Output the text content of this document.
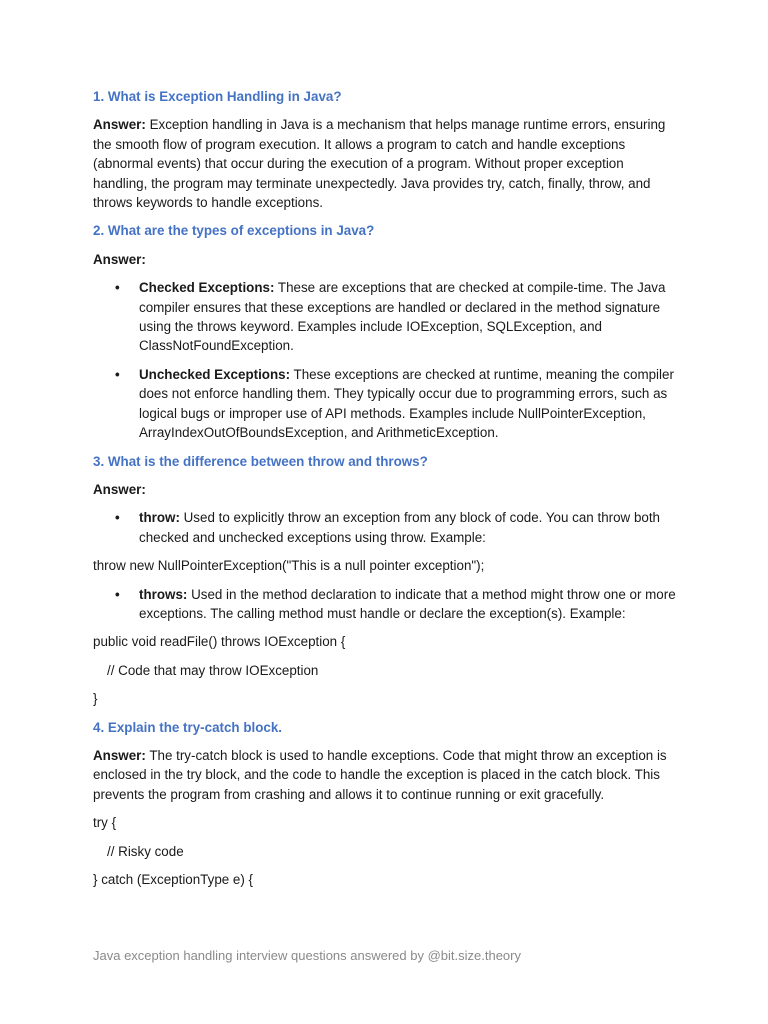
1. What is Exception Handling in Java?
Answer: Exception handling in Java is a mechanism that helps manage runtime errors, ensuring the smooth flow of program execution. It allows a program to catch and handle exceptions (abnormal events) that occur during the execution of a program. Without proper exception handling, the program may terminate unexpectedly. Java provides try, catch, finally, throw, and throws keywords to handle exceptions.
2. What are the types of exceptions in Java?
Answer:
• Checked Exceptions: These are exceptions that are checked at compile-time. The Java compiler ensures that these exceptions are handled or declared in the method signature using the throws keyword. Examples include IOException, SQLException, and ClassNotFoundException.
• Unchecked Exceptions: These exceptions are checked at runtime, meaning the compiler does not enforce handling them. They typically occur due to programming errors, such as logical bugs or improper use of API methods. Examples include NullPointerException, ArrayIndexOutOfBoundsException, and ArithmeticException.
3. What is the difference between throw and throws?
Answer:
• throw: Used to explicitly throw an exception from any block of code. You can throw both checked and unchecked exceptions using throw. Example:
throw new NullPointerException("This is a null pointer exception");
• throws: Used in the method declaration to indicate that a method might throw one or more exceptions. The calling method must handle or declare the exception(s). Example:
public void readFile() throws IOException {
// Code that may throw IOException
}
4. Explain the try-catch block.
Answer: The try-catch block is used to handle exceptions. Code that might throw an exception is enclosed in the try block, and the code to handle the exception is placed in the catch block. This prevents the program from crashing and allows it to continue running or exit gracefully.
try {
// Risky code
} catch (ExceptionType e) {
Java exception handling interview questions answered by @bit.size.theory
